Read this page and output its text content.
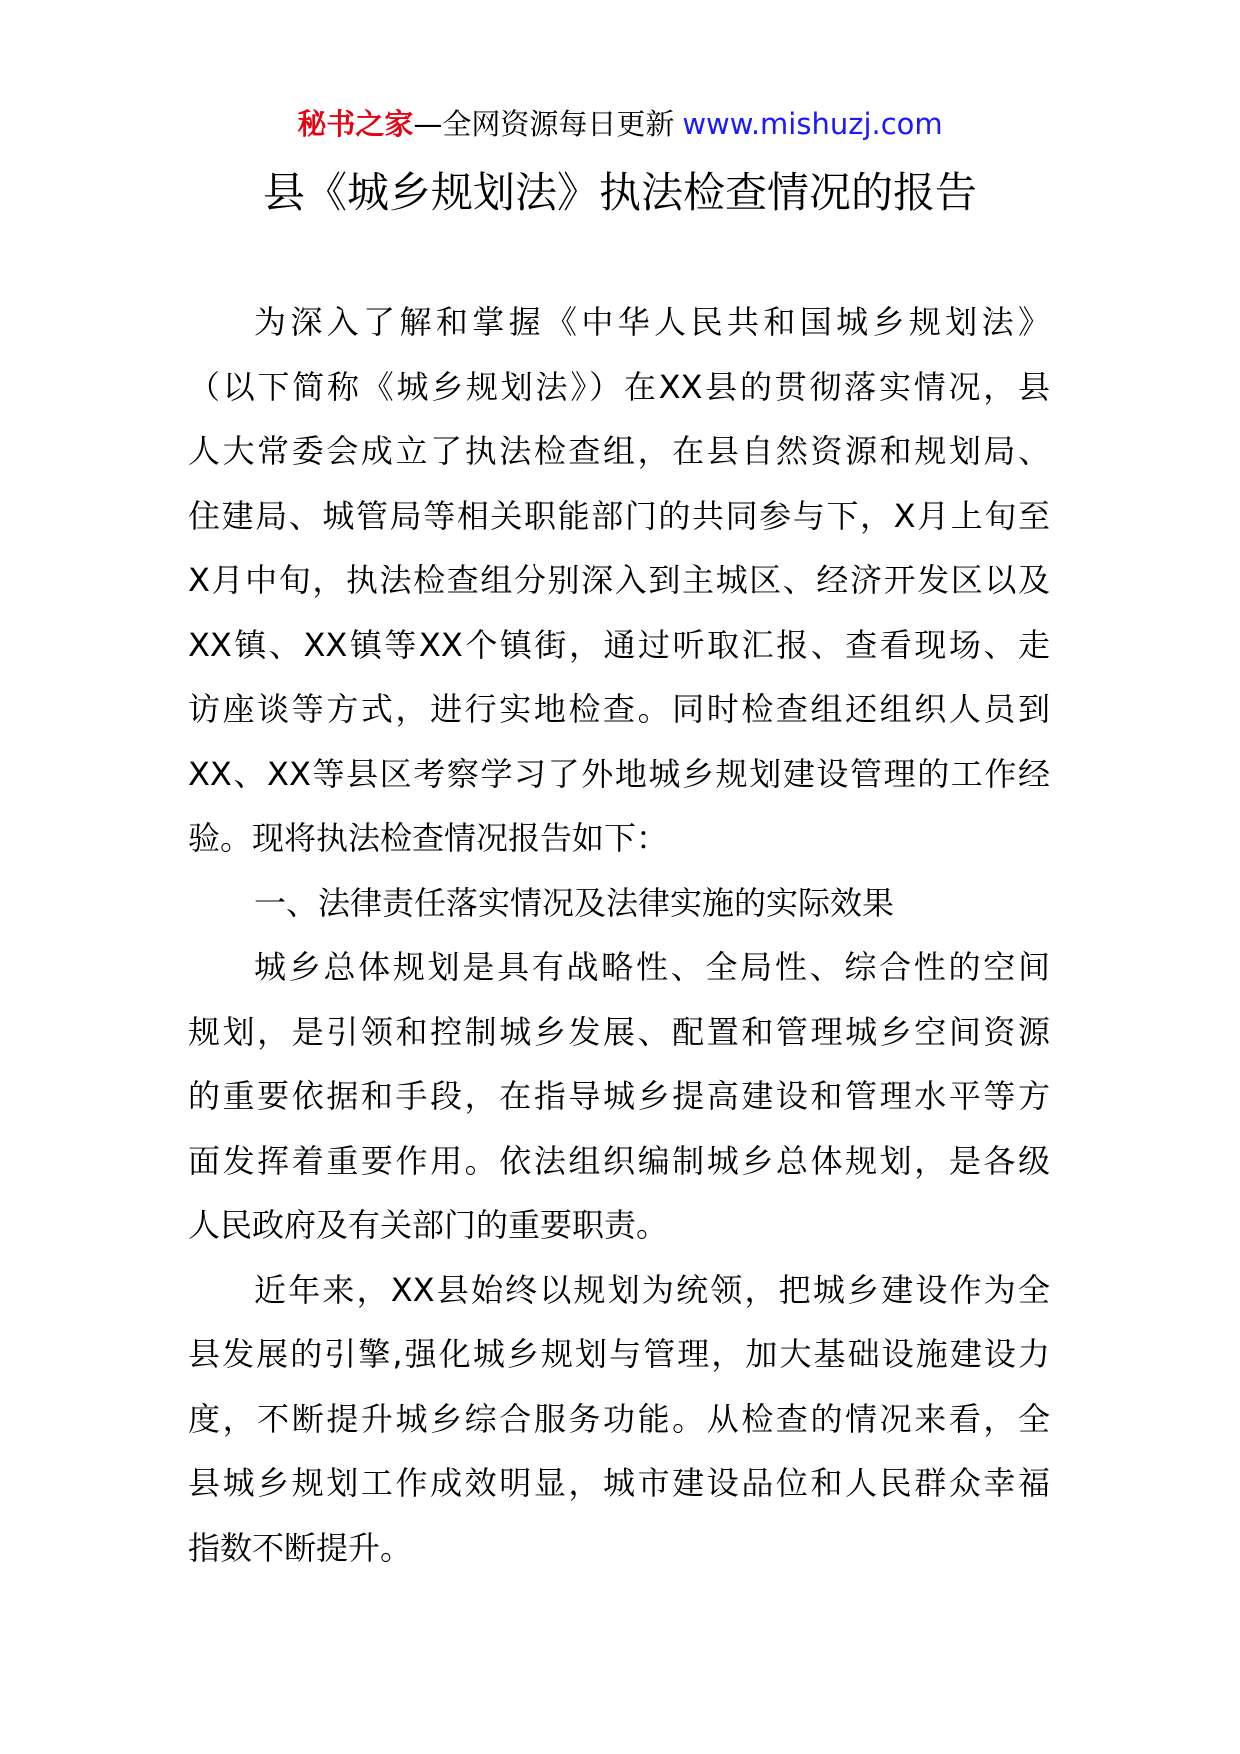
秘书之家—全网资源每日更新 www.mishuzj.com
县《城乡规划法》执法检查情况的报告
为深入了解和掌握《中华人民共和国城乡规划法》
（以下简称《城乡规划法》）在XX县的贯彻落实情况，县
人大常委会成立了执法检查组，在县自然资源和规划局、
住建局、城管局等相关职能部门的共同参与下，X月上旬至
X月中旬，执法检查组分别深入到主城区、经济开发区以及
XX镇、XX镇等XX个镇街，通过听取汇报、查看现场、走
访座谈等方式，进行实地检查。同时检查组还组织人员到
XX、XX等县区考察学习了外地城乡规划建设管理的工作经
验。现将执法检查情况报告如下：
一、法律责任落实情况及法律实施的实际效果
城乡总体规划是具有战略性、全局性、综合性的空间
规划，是引领和控制城乡发展、配置和管理城乡空间资源
的重要依据和手段，在指导城乡提高建设和管理水平等方
面发挥着重要作用。依法组织编制城乡总体规划，是各级
人民政府及有关部门的重要职责。
近年来，XX县始终以规划为统领，把城乡建设作为全
县发展的引擎,强化城乡规划与管理，加大基础设施建设力
度，不断提升城乡综合服务功能。从检查的情况来看，全
县城乡规划工作成效明显，城市建设品位和人民群众幸福
指数不断提升。
